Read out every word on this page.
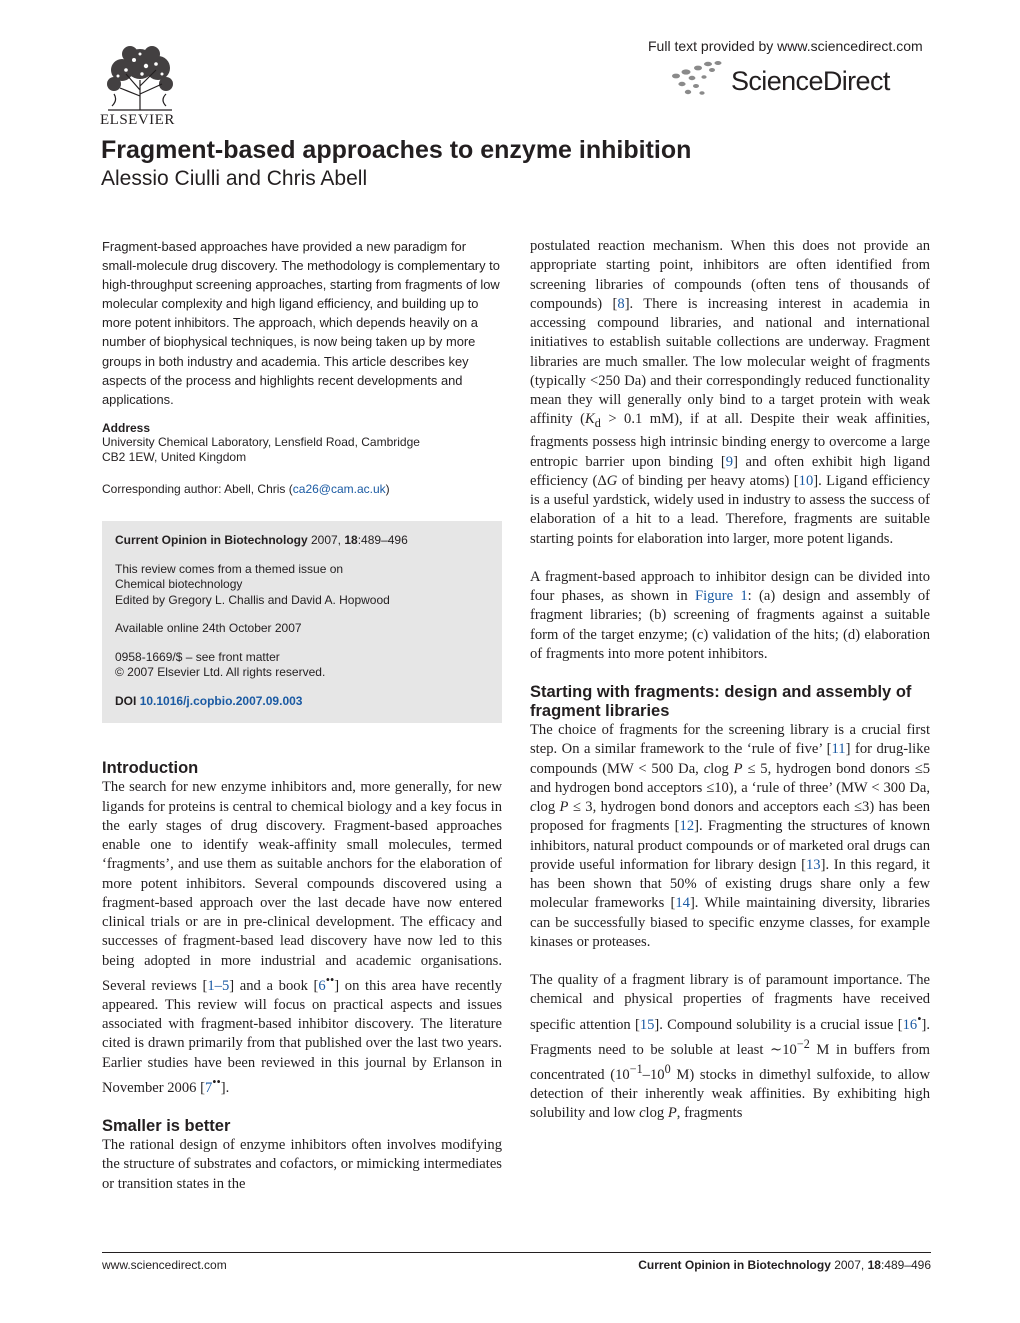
ELSEVIER
Full text provided by www.sciencedirect.com
ScienceDirect
Fragment-based approaches to enzyme inhibition
Alessio Ciulli and Chris Abell

Fragment-based approaches have provided a new paradigm for small-molecule drug discovery. The methodology is complementary to high-throughput screening approaches, starting from fragments of low molecular complexity and high ligand efficiency, and building up to more potent inhibitors. The approach, which depends heavily on a number of biophysical techniques, is now being taken up by more groups in both industry and academia. This article describes key aspects of the process and highlights recent developments and applications.

Address

University Chemical Laboratory, Lensfield Road, Cambridge
CB2 1EW, United Kingdom

Corresponding author: Abell, Chris (ca26@cam.ac.uk)

Current Opinion in Biotechnology 2007, 18:489–496

This review comes from a themed issue on

Chemical biotechnology

Edited by Gregory L. Challis and David A. Hopwood

Available online 24th October 2007

0958-1669/$ – see front matter

© 2007 Elsevier Ltd. All rights reserved.

DOI 10.1016/j.copbio.2007.09.003

Introduction

The search for new enzyme inhibitors and, more generally, for new ligands for proteins is central to chemical biology and a key focus in the early stages of drug discovery. Fragment-based approaches enable one to identify weak-affinity small molecules, termed ‘fragments’, and use them as suitable anchors for the elaboration of more potent inhibitors. Several compounds discovered using a fragment-based approach over the last decade have now entered clinical trials or are in pre-clinical development. The efficacy and successes of fragment-based lead discovery have now led to this being adopted in more industrial and academic organisations. Several reviews [1–5] and a book [6••] on this area have recently appeared. This review will focus on practical aspects and issues associated with fragment-based inhibitor discovery. The literature cited is drawn primarily from that published over the last two years. Earlier studies have been reviewed in this journal by Erlanson in November 2006 [7••].

Smaller is better

The rational design of enzyme inhibitors often involves modifying the structure of substrates and cofactors, or mimicking intermediates or transition states in the

postulated reaction mechanism. When this does not provide an appropriate starting point, inhibitors are often identified from screening libraries of compounds (often tens of thousands of compounds) [8]. There is increasing interest in academia in accessing compound libraries, and national and international initiatives to establish suitable collections are underway. Fragment libraries are much smaller. The low molecular weight of fragments (typically <250 Da) and their correspondingly reduced functionality mean they will generally only bind to a target protein with weak affinity ($K_d > 0.1$ mM), if at all. Despite their weak affinities, fragments possess high intrinsic binding energy to overcome a large entropic barrier upon binding [9] and often exhibit high ligand efficiency (ΔG of binding per heavy atoms) [10]. Ligand efficiency is a useful yardstick, widely used in industry to assess the success of elaboration of a hit to a lead. Therefore, fragments are suitable starting points for elaboration into larger, more potent ligands.

A fragment-based approach to inhibitor design can be divided into four phases, as shown in Figure 1: (a) design and assembly of fragment libraries; (b) screening of fragments against a suitable form of the target enzyme; (c) validation of the hits; (d) elaboration of fragments into more potent inhibitors.

Starting with fragments: design and assembly of fragment libraries

The choice of fragments for the screening library is a crucial first step. On a similar framework to the ‘rule of five’ [11] for drug-like compounds (MW < 500 Da, clog P ≤ 5, hydrogen bond donors ≤5 and hydrogen bond acceptors ≤10), a ‘rule of three’ (MW < 300 Da, clog P ≤ 3, hydrogen bond donors and acceptors each ≤3) has been proposed for fragments [12]. Fragmenting the structures of known inhibitors, natural product compounds or of marketed oral drugs can provide useful information for library design [13]. In this regard, it has been shown that 50% of existing drugs share only a few molecular frameworks [14]. While maintaining diversity, libraries can be successfully biased to specific enzyme classes, for example kinases or proteases.

The quality of a fragment library is of paramount importance. The chemical and physical properties of fragments have received specific attention [15]. Compound solubility is a crucial issue [16•]. Fragments need to be soluble at least $\sim 10^{-2}$ M in buffers from concentrated ($10^{-1}-10^0$ M) stocks in dimethyl sulfoxide, to allow detection of their inherently weak affinities. By exhibiting high solubility and low clog P, fragments

www.sciencedirect.com	Current Opinion in Biotechnology 2007, 18:489–496
